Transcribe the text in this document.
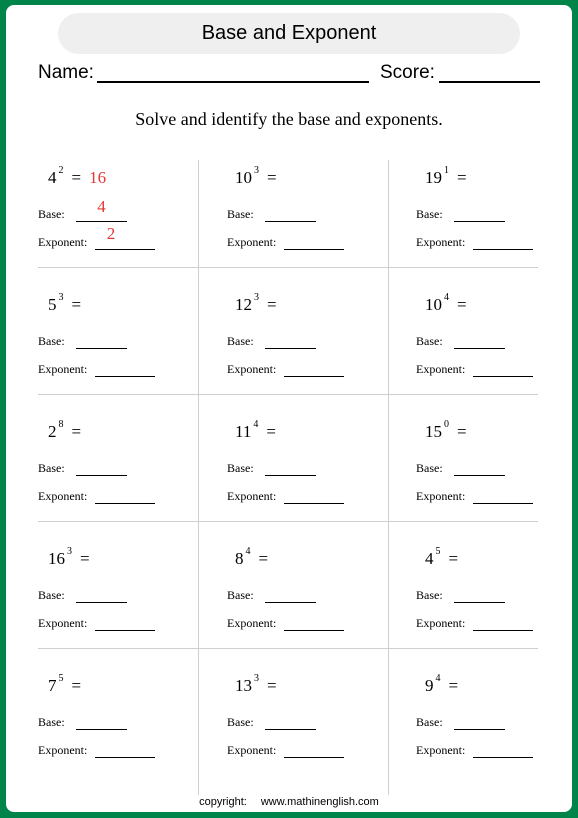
Base and Exponent
Name:	Score:
Solve and identify the base and exponents.
4 $^2$ = 16
Base:
Exponent:
4
2
10 $^3$ =
Base:
Exponent:
19 $^1$ =
Base:
Exponent:
5 $^3$ =
Base:
Exponent:
12 $^3$ =
Base:
Exponent:
10 $^4$ =
Base:
Exponent:
2 $^8$ =
Base:
Exponent:
11 $^4$ =
Base:
Exponent:
15 $^0$ =
Base:
Exponent:
16 $^3$ =
Base:
Exponent:
8 $^4$ =
Base:
Exponent:
4 $^5$ =
Base:
Exponent:
7 $^5$ =
Base:
Exponent:
13 $^3$ =
Base:
Exponent:
9 $^4$ =
Base:
Exponent:
copyright: www.mathinenglish.com
